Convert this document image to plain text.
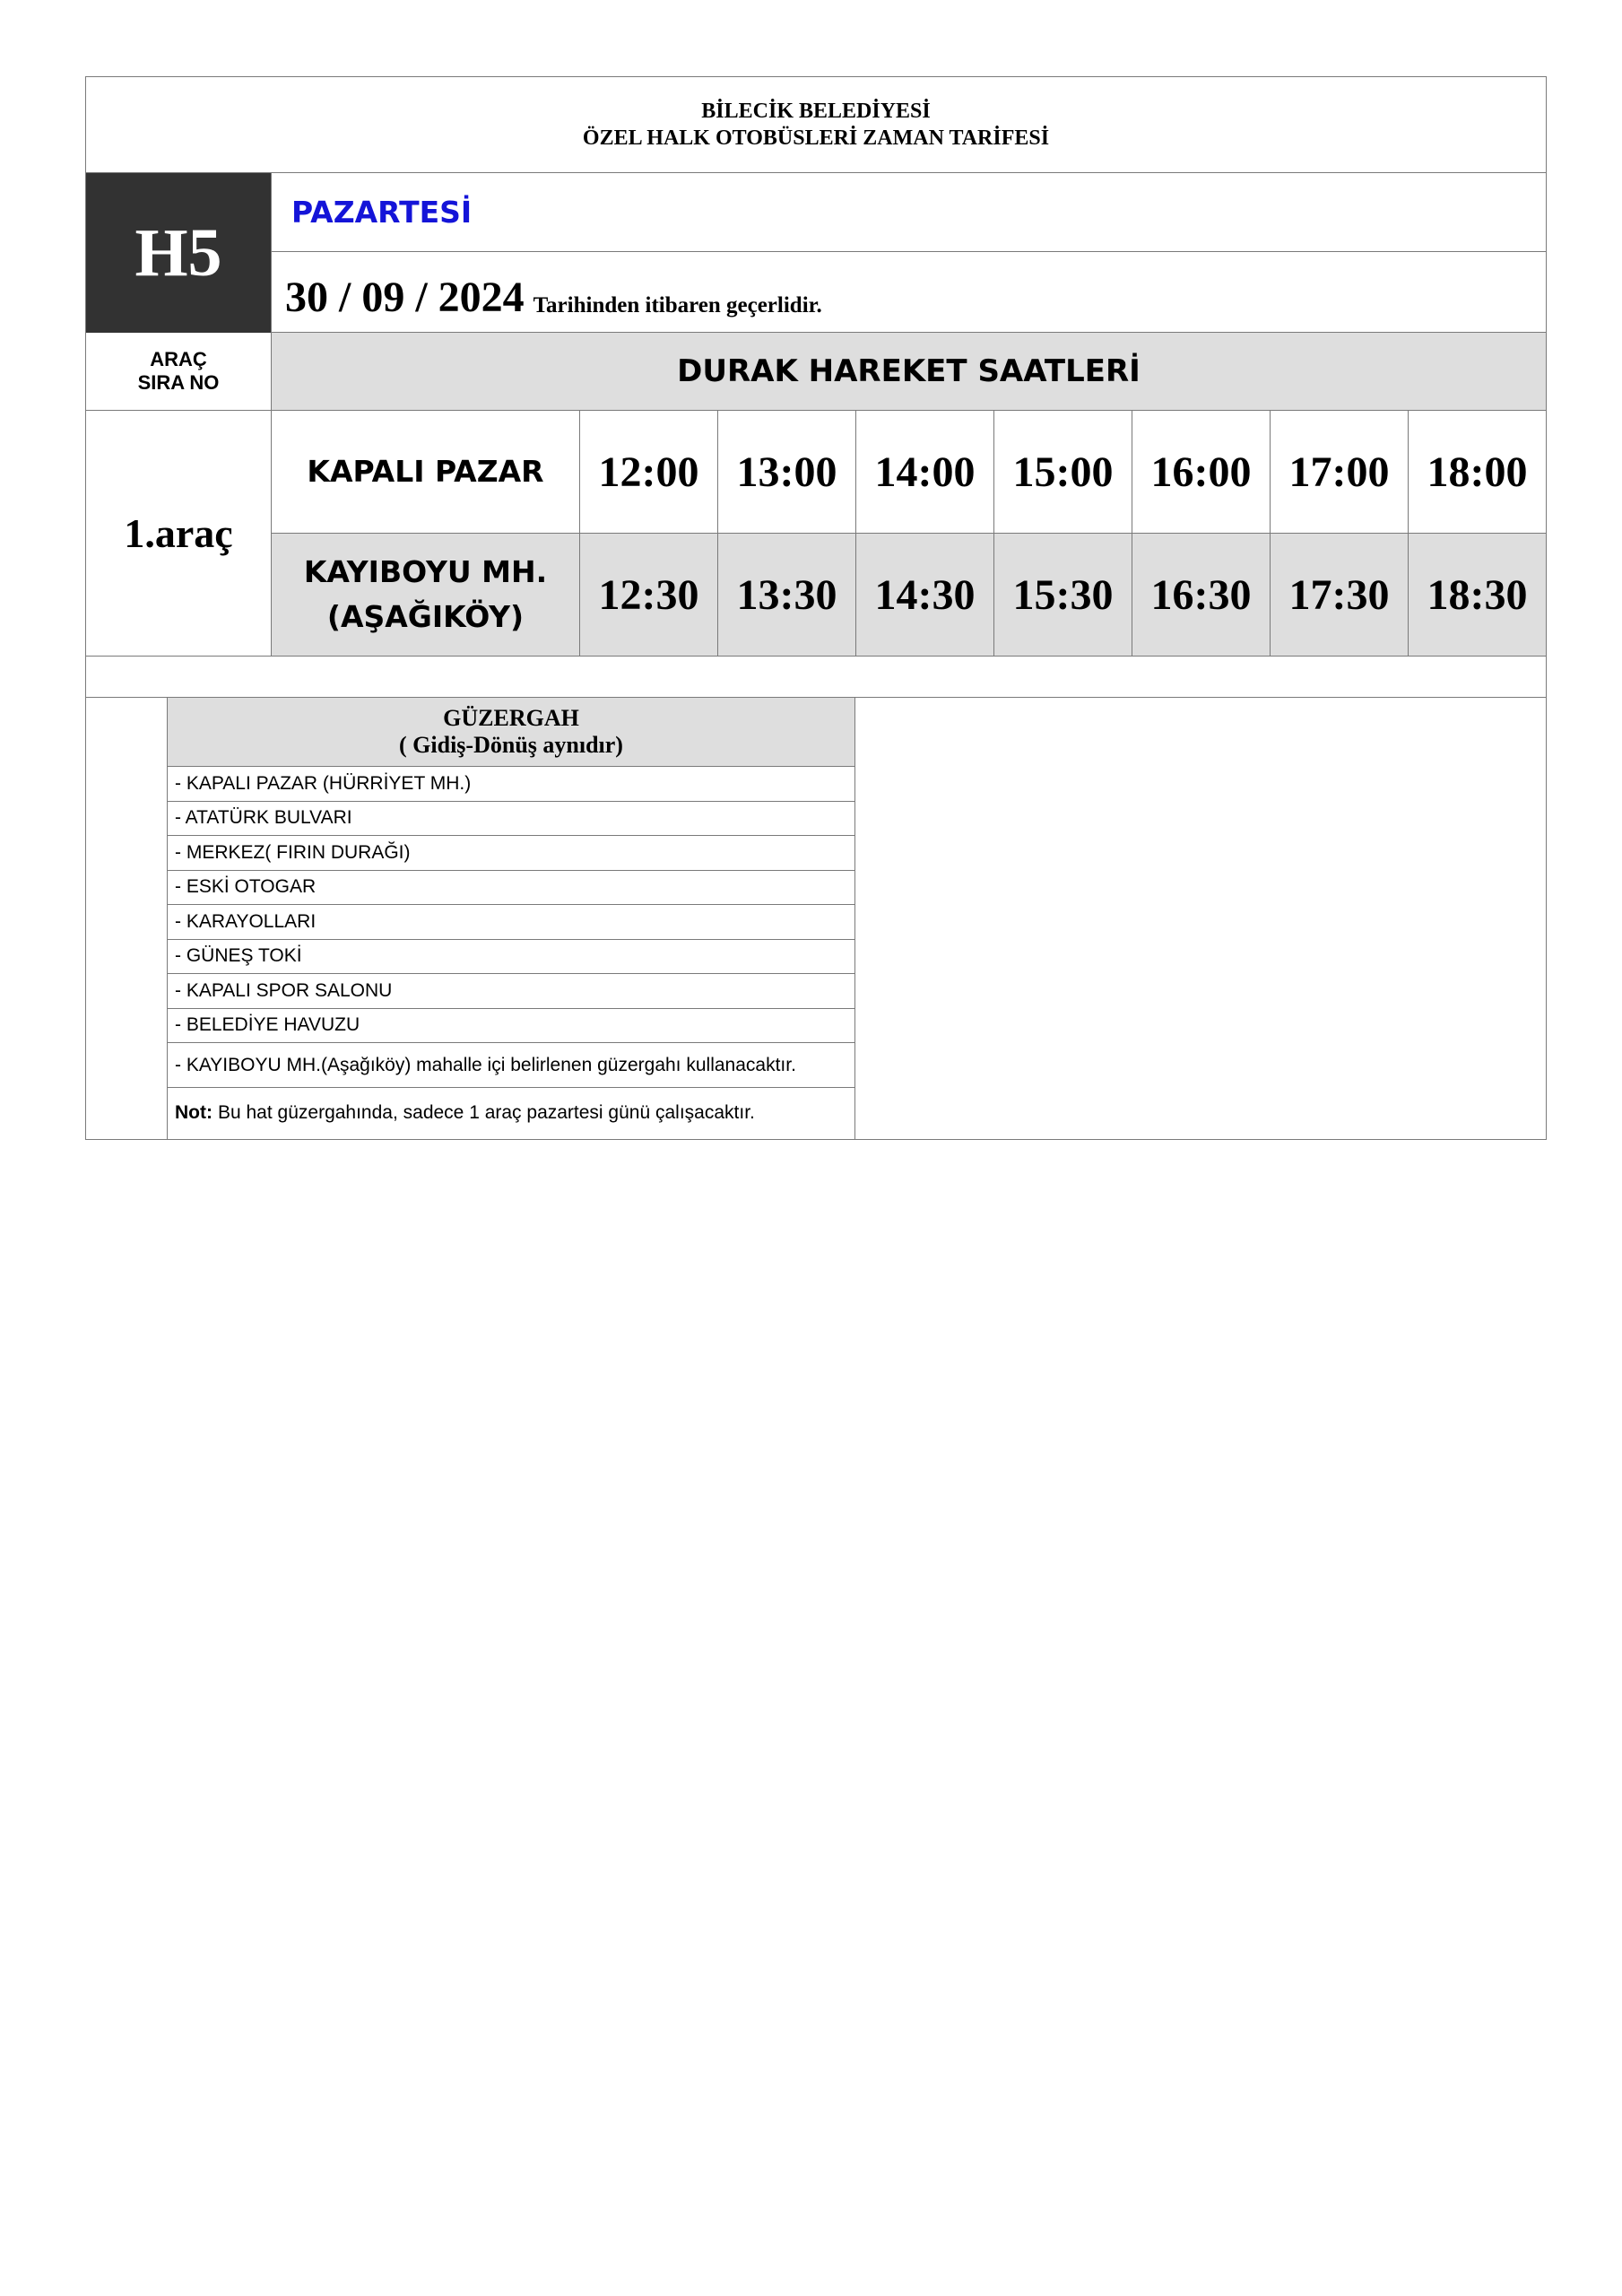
BİLECİK BELEDİYESİ
ÖZEL HALK OTOBÜSLERİ ZAMAN TARİFESİ
H5
PAZARTESİ
30 / 09 / 2024 Tarihinden itibaren geçerlidir.
ARAÇ
SIRA NO	DURAK HAREKET SAATLERİ
1.araç
KAPALI PAZAR	12:00 13:00 14:00 15:00 16:00 17:00 18:00
KAYIBOYU MH.
(AŞAĞIKÖY)	12:30 13:30 14:30 15:30 16:30 17:30 18:30
GÜZERGAH
( Gidiş-Dönüş aynıdır)
- KAPALI PAZAR (HÜRRİYET MH.)
- ATATÜRK BULVARI
- MERKEZ( FIRIN DURAĞI)
- ESKİ OTOGAR
- KARAYOLLARI
- GÜNEŞ TOKİ
- KAPALI SPOR SALONU
- BELEDİYE HAVUZU
- KAYIBOYU MH.(Aşağıköy) mahalle içi belirlenen güzergahı kullanacaktır.
Not: Bu hat güzergahında, sadece 1 araç pazartesi günü çalışacaktır.
